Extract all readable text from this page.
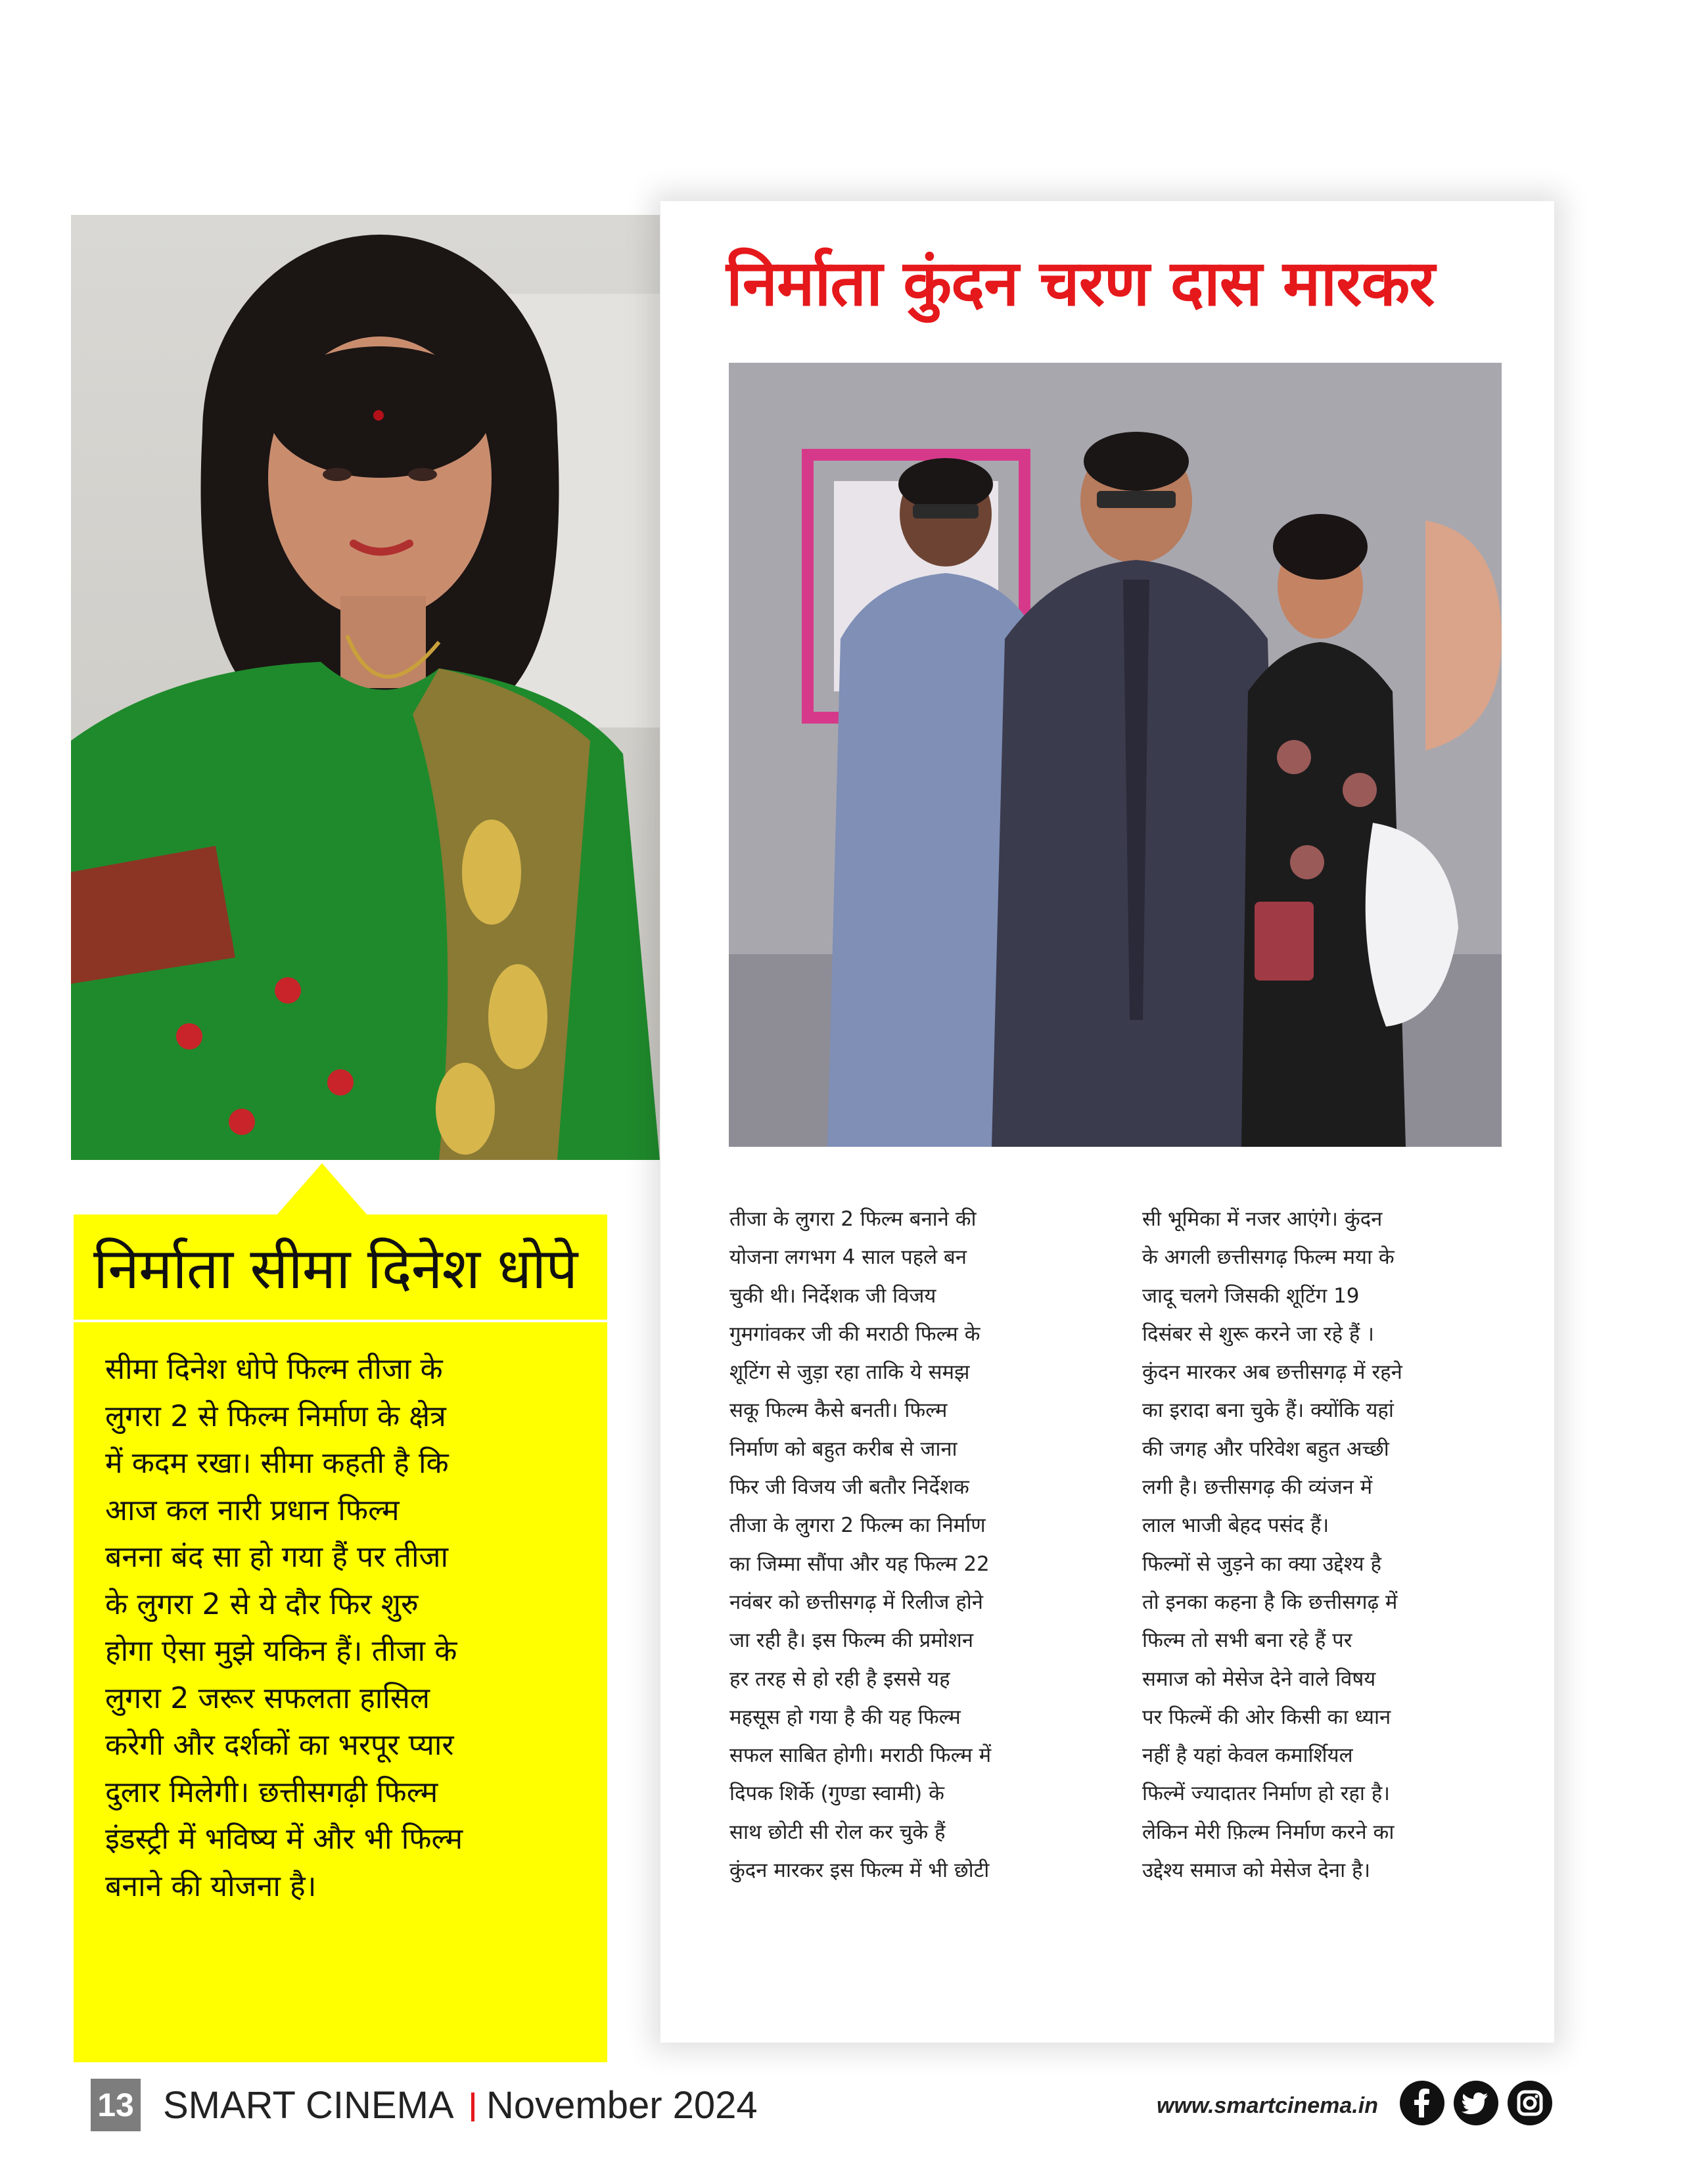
निर्माता सीमा दिनेश धोपे
सीमा दिनेश धोपे फिल्म तीजा के
लुगरा 2 से फिल्म निर्माण के क्षेत्र
में कदम रखा। सीमा कहती है कि
आज कल नारी प्रधान फिल्म
बनना बंद सा हो गया हैं पर तीजा
के लुगरा 2 से ये दौर फिर शुरु
होगा ऐसा मुझे यकिन हैं। तीजा के
लुगरा 2 जरूर सफलता हासिल
करेगी और दर्शकों का भरपूर प्यार
दुलार मिलेगी। छत्तीसगढ़ी फिल्म
इंडस्ट्री में भविष्य में और भी फिल्म
बनाने की योजना है।
निर्माता कुंदन चरण दास मारकर
तीजा के लुगरा 2 फिल्म बनाने की
योजना लगभग 4 साल पहले बन
चुकी थी। निर्देशक जी विजय
गुमगांवकर जी की मराठी फिल्म के
शूटिंग से जुड़ा रहा ताकि ये समझ
सकू फिल्म कैसे बनती। फिल्म
निर्माण को बहुत करीब से जाना
फिर जी विजय जी बतौर निर्देशक
तीजा के लुगरा 2 फिल्म का निर्माण
का जिम्मा सौंपा और यह फिल्म 22
नवंबर को छत्तीसगढ़ में रिलीज होने
जा रही है। इस फिल्म की प्रमोशन
हर तरह से हो रही है इससे यह
महसूस हो गया है की यह फिल्म
सफल साबित होगी। मराठी फिल्म में
दिपक शिर्के (गुण्डा स्वामी) के
साथ छोटी सी रोल कर चुके हैं
कुंदन मारकर इस फिल्म में भी छोटी
सी भूमिका में नजर आएंगे। कुंदन
के अगली छत्तीसगढ़ फिल्म मया के
जादू चलगे जिसकी शूटिंग 19
दिसंबर से शुरू करने जा रहे हैं ।
कुंदन मारकर अब छत्तीसगढ़ में रहने
का इरादा बना चुके हैं। क्योंकि यहां
की जगह और परिवेश बहुत अच्छी
लगी है। छत्तीसगढ़ की व्यंजन में
लाल भाजी बेहद पसंद हैं।
फिल्मों से जुड़ने का क्या उद्देश्य है
तो इनका कहना है कि छत्तीसगढ़ में
फिल्म तो सभी बना रहे हैं पर
समाज को मेसेज देने वाले विषय
पर फिल्में की ओर किसी का ध्यान
नहीं है यहां केवल कमार्शियल
फिल्में ज्यादातर निर्माण हो रहा है।
लेकिन मेरी फ़िल्म निर्माण करने का
उद्देश्य समाज को मेसेज देना है।
13 SMART CINEMA November 2024	www.smartcinema.in
